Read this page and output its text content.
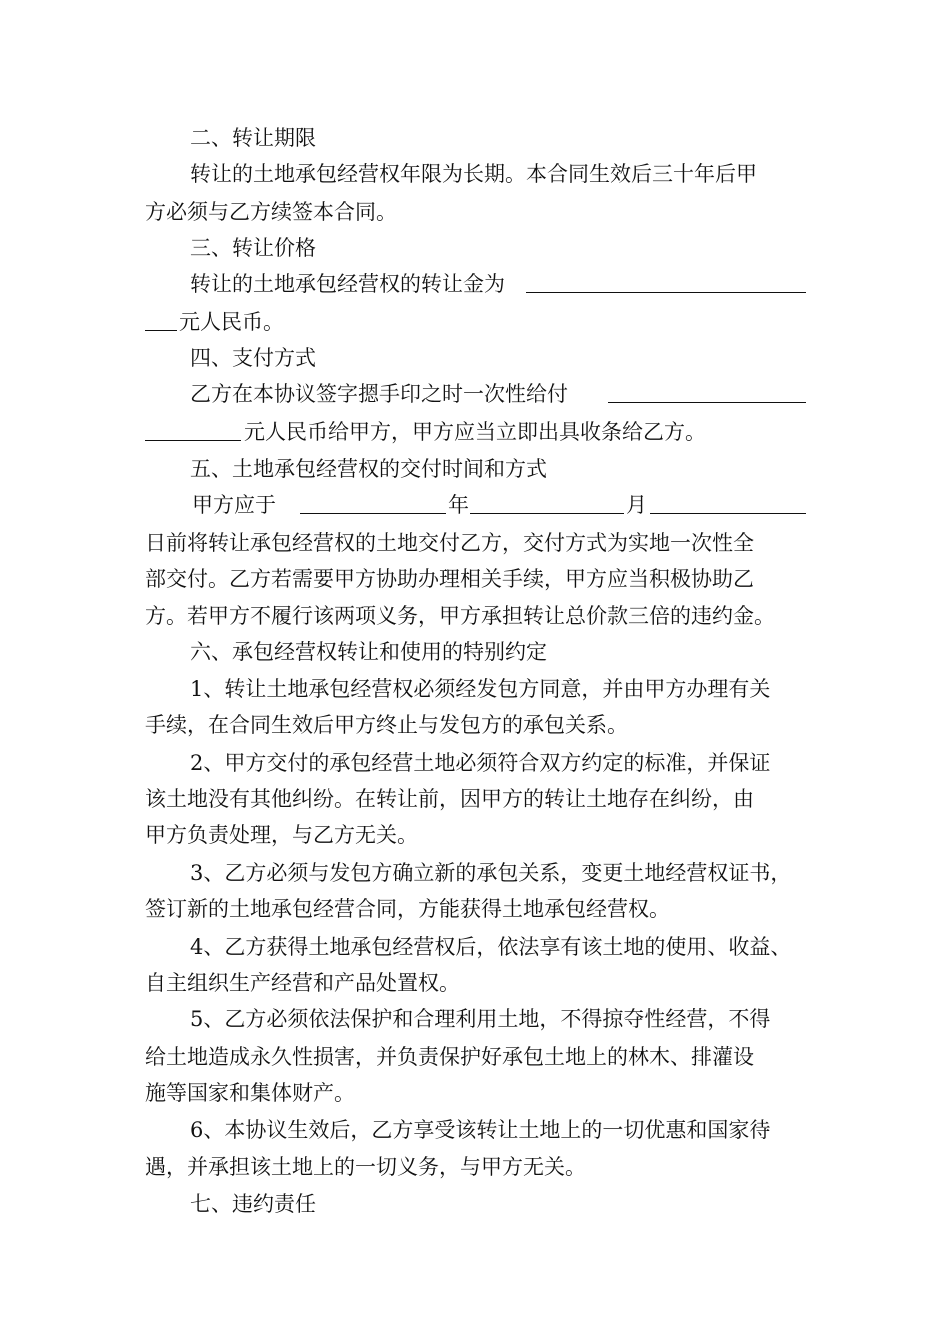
二、转让期限
转让的土地承包经营权年限为长期。本合同生效后三十年后甲
方必须与乙方续签本合同。
三、转让价格
转让的土地承包经营权的转让金为
元人民币。
四、支付方式
乙方在本协议签字摁手印之时一次性给付
元人民币给甲方，甲方应当立即出具收条给乙方。
五、土地承包经营权的交付时间和方式
甲方应于	年	月
日前将转让承包经营权的土地交付乙方，交付方式为实地一次性全
部交付。乙方若需要甲方协助办理相关手续，甲方应当积极协助乙
方。若甲方不履行该两项义务，甲方承担转让总价款三倍的违约金。
六、承包经营权转让和使用的特别约定
1、转让土地承包经营权必须经发包方同意，并由甲方办理有关
手续，在合同生效后甲方终止与发包方的承包关系。
2、甲方交付的承包经营土地必须符合双方约定的标准，并保证
该土地没有其他纠纷。在转让前，因甲方的转让土地存在纠纷，由
甲方负责处理，与乙方无关。
3、乙方必须与发包方确立新的承包关系，变更土地经营权证书，
签订新的土地承包经营合同，方能获得土地承包经营权。
4、乙方获得土地承包经营权后，依法享有该土地的使用、收益、
自主组织生产经营和产品处置权。
5、乙方必须依法保护和合理利用土地，不得掠夺性经营，不得
给土地造成永久性损害，并负责保护好承包土地上的林木、排灌设
施等国家和集体财产。
6、本协议生效后，乙方享受该转让土地上的一切优惠和国家待
遇，并承担该土地上的一切义务，与甲方无关。
七、违约责任
